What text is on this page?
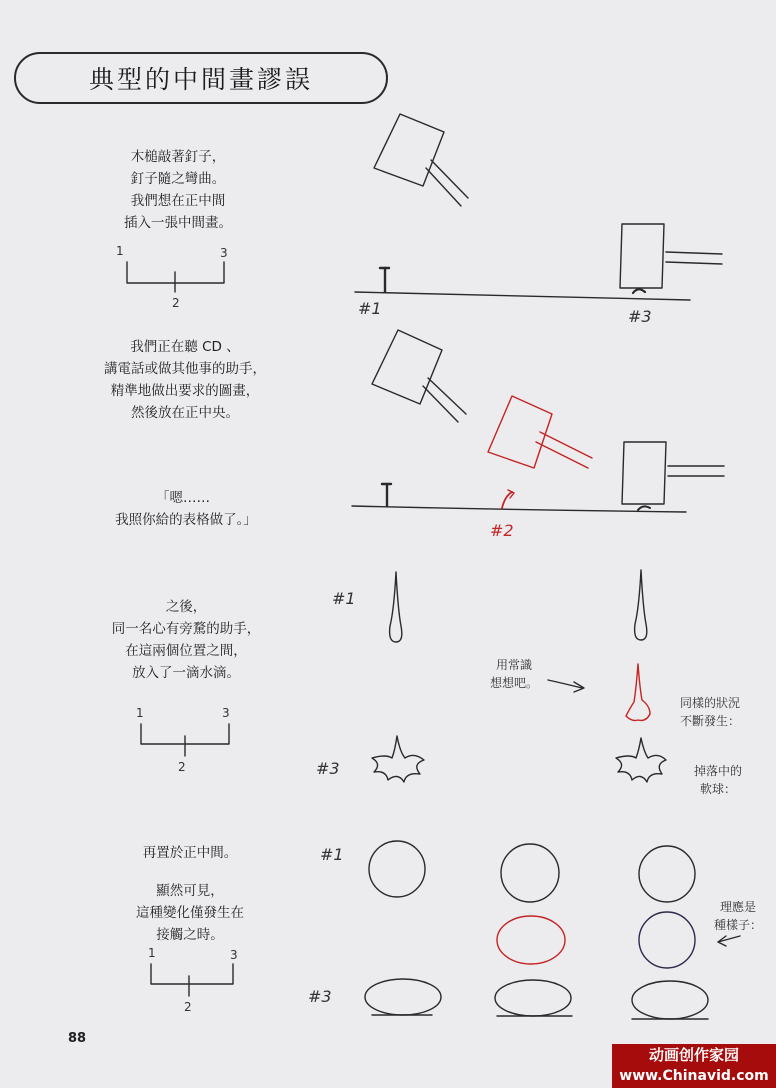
典型的中間畫謬誤
木槌敲著釘子，
釘子隨之彎曲。
我們想在正中間
插入一張中間畫。
1	3
2	#1	#3
我們正在聽 CD 、
講電話或做其他事的助手，
精準地做出要求的圖畫，
然後放在正中央。
「嗯……
我照你給的表格做了。」
#2
之後，
同一名心有旁騖的助手，
在這兩個位置之間，
放入了一滴水滴。
1	3
2
#1
#3
用常識
想想吧。
同樣的狀況
不斷發生：
掉落中的
軟球：
再置於正中間。
顯然可見，
這種變化僅發生在
接觸之時。
1	3
2
#1
#3
理應是
種樣子：
88
动画创作家园
www.Chinavid.com
